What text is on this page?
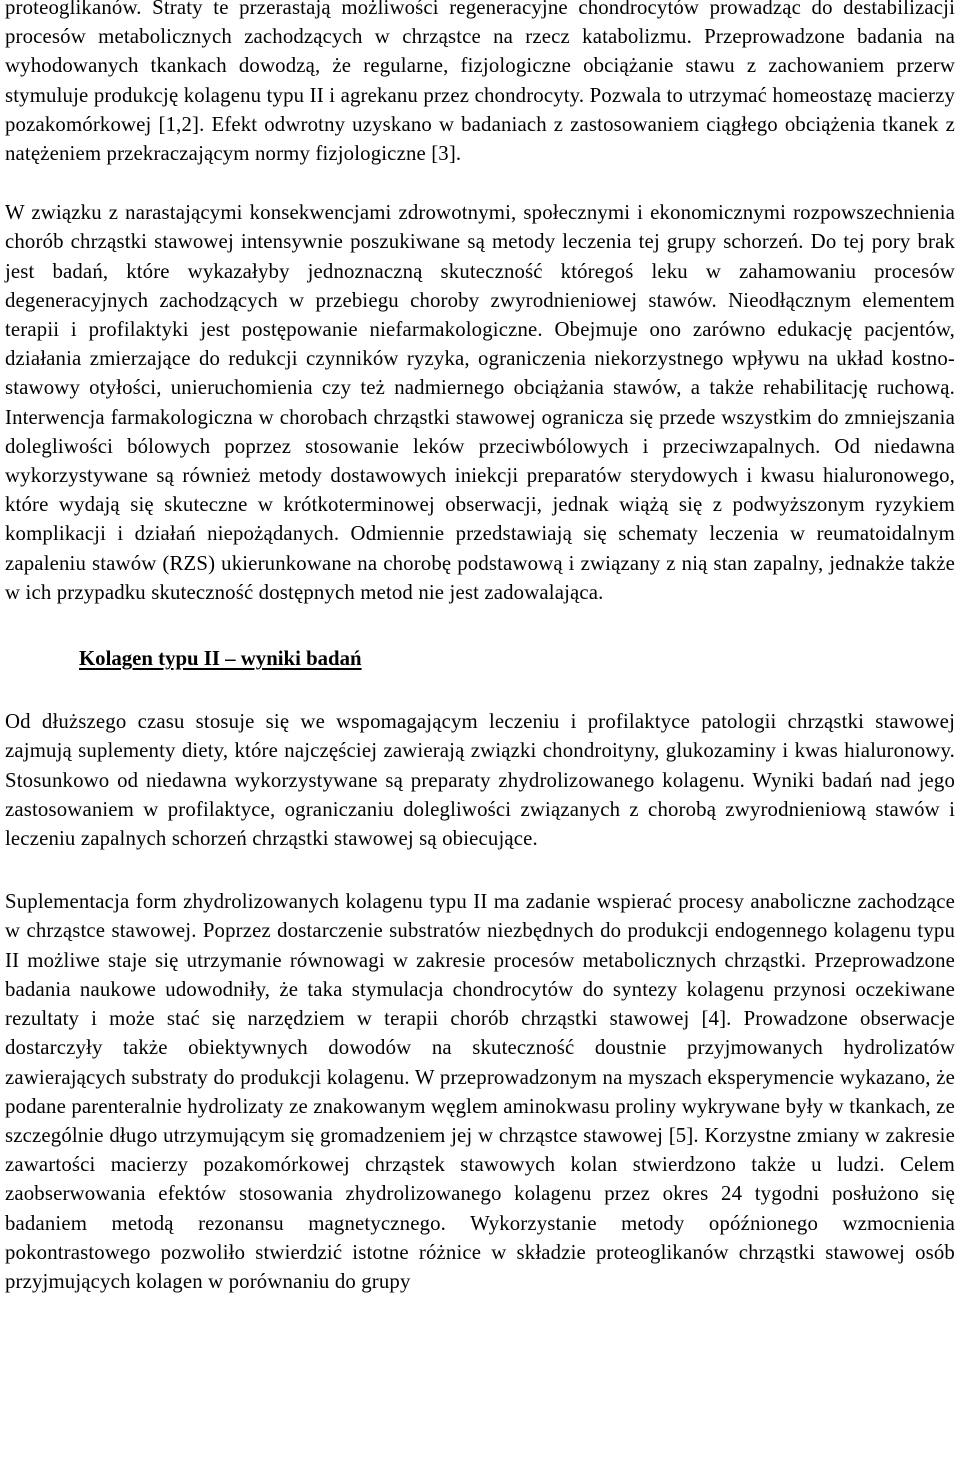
proteoglikanów. Straty te przerastają możliwości regeneracyjne chondrocytów prowadząc do destabilizacji procesów metabolicznych zachodzących w chrząstce na rzecz katabolizmu. Przeprowadzone badania na wyhodowanych tkankach dowodzą, że regularne, fizjologiczne obciążanie stawu z zachowaniem przerw stymuluje produkcję kolagenu typu II i agrekanu przez chondrocyty. Pozwala to utrzymać homeostazę macierzy pozakomórkowej [1,2]. Efekt odwrotny uzyskano w badaniach z zastosowaniem ciągłego obciążenia tkanek z natężeniem przekraczającym normy fizjologiczne [3].

W związku z narastającymi konsekwencjami zdrowotnymi, społecznymi i ekonomicznymi rozpowszechnienia chorób chrząstki stawowej intensywnie poszukiwane są metody leczenia tej grupy schorzeń. Do tej pory brak jest badań, które wykazałyby jednoznaczną skuteczność któregoś leku w zahamowaniu procesów degeneracyjnych zachodzących w przebiegu choroby zwyrodnieniowej stawów. Nieodłącznym elementem terapii i profilaktyki jest postępowanie niefarmakologiczne. Obejmuje ono zarówno edukację pacjentów, działania zmierzające do redukcji czynników ryzyka, ograniczenia niekorzystnego wpływu na układ kostno-stawowy otyłości, unieruchomienia czy też nadmiernego obciążania stawów, a także rehabilitację ruchową. Interwencja farmakologiczna w chorobach chrząstki stawowej ogranicza się przede wszystkim do zmniejszania dolegliwości bólowych poprzez stosowanie leków przeciwbólowych i przeciwzapalnych. Od niedawna wykorzystywane są również metody dostawowych iniekcji preparatów sterydowych i kwasu hialuronowego, które wydają się skuteczne w krótkoterminowej obserwacji, jednak wiążą się z podwyższonym ryzykiem komplikacji i działań niepożądanych. Odmiennie przedstawiają się schematy leczenia w reumatoidalnym zapaleniu stawów (RZS) ukierunkowane na chorobę podstawową i związany z nią stan zapalny, jednakże także w ich przypadku skuteczność dostępnych metod nie jest zadowalająca.

Kolagen typu II – wyniki badań

Od dłuższego czasu stosuje się we wspomagającym leczeniu i profilaktyce patologii chrząstki stawowej zajmują suplementy diety, które najczęściej zawierają związki chondroityny, glukozaminy i kwas hialuronowy. Stosunkowo od niedawna wykorzystywane są preparaty zhydrolizowanego kolagenu. Wyniki badań nad jego zastosowaniem w profilaktyce, ograniczaniu dolegliwości związanych z chorobą zwyrodnieniową stawów i leczeniu zapalnych schorzeń chrząstki stawowej są obiecujące.

Suplementacja form zhydrolizowanych kolagenu typu II ma zadanie wspierać procesy anaboliczne zachodzące w chrząstce stawowej. Poprzez dostarczenie substratów niezbędnych do produkcji endogennego kolagenu typu II możliwe staje się utrzymanie równowagi w zakresie procesów metabolicznych chrząstki. Przeprowadzone badania naukowe udowodniły, że taka stymulacja chondrocytów do syntezy kolagenu przynosi oczekiwane rezultaty i może stać się narzędziem w terapii chorób chrząstki stawowej [4]. Prowadzone obserwacje dostarczyły także obiektywnych dowodów na skuteczność doustnie przyjmowanych hydrolizatów zawierających substraty do produkcji kolagenu. W przeprowadzonym na myszach eksperymencie wykazano, że podane parenteralnie hydrolizaty ze znakowanym węglem aminokwasu proliny wykrywane były w tkankach, ze szczególnie długo utrzymującym się gromadzeniem jej w chrząstce stawowej [5]. Korzystne zmiany w zakresie zawartości macierzy pozakomórkowej chrząstek stawowych kolan stwierdzono także u ludzi. Celem zaobserwowania efektów stosowania zhydrolizowanego kolagenu przez okres 24 tygodni posłużono się badaniem metodą rezonansu magnetycznego. Wykorzystanie metody opóźnionego wzmocnienia pokontrastowego pozwoliło stwierdzić istotne różnice w składzie proteoglikanów chrząstki stawowej osób przyjmujących kolagen w porównaniu do grupy
